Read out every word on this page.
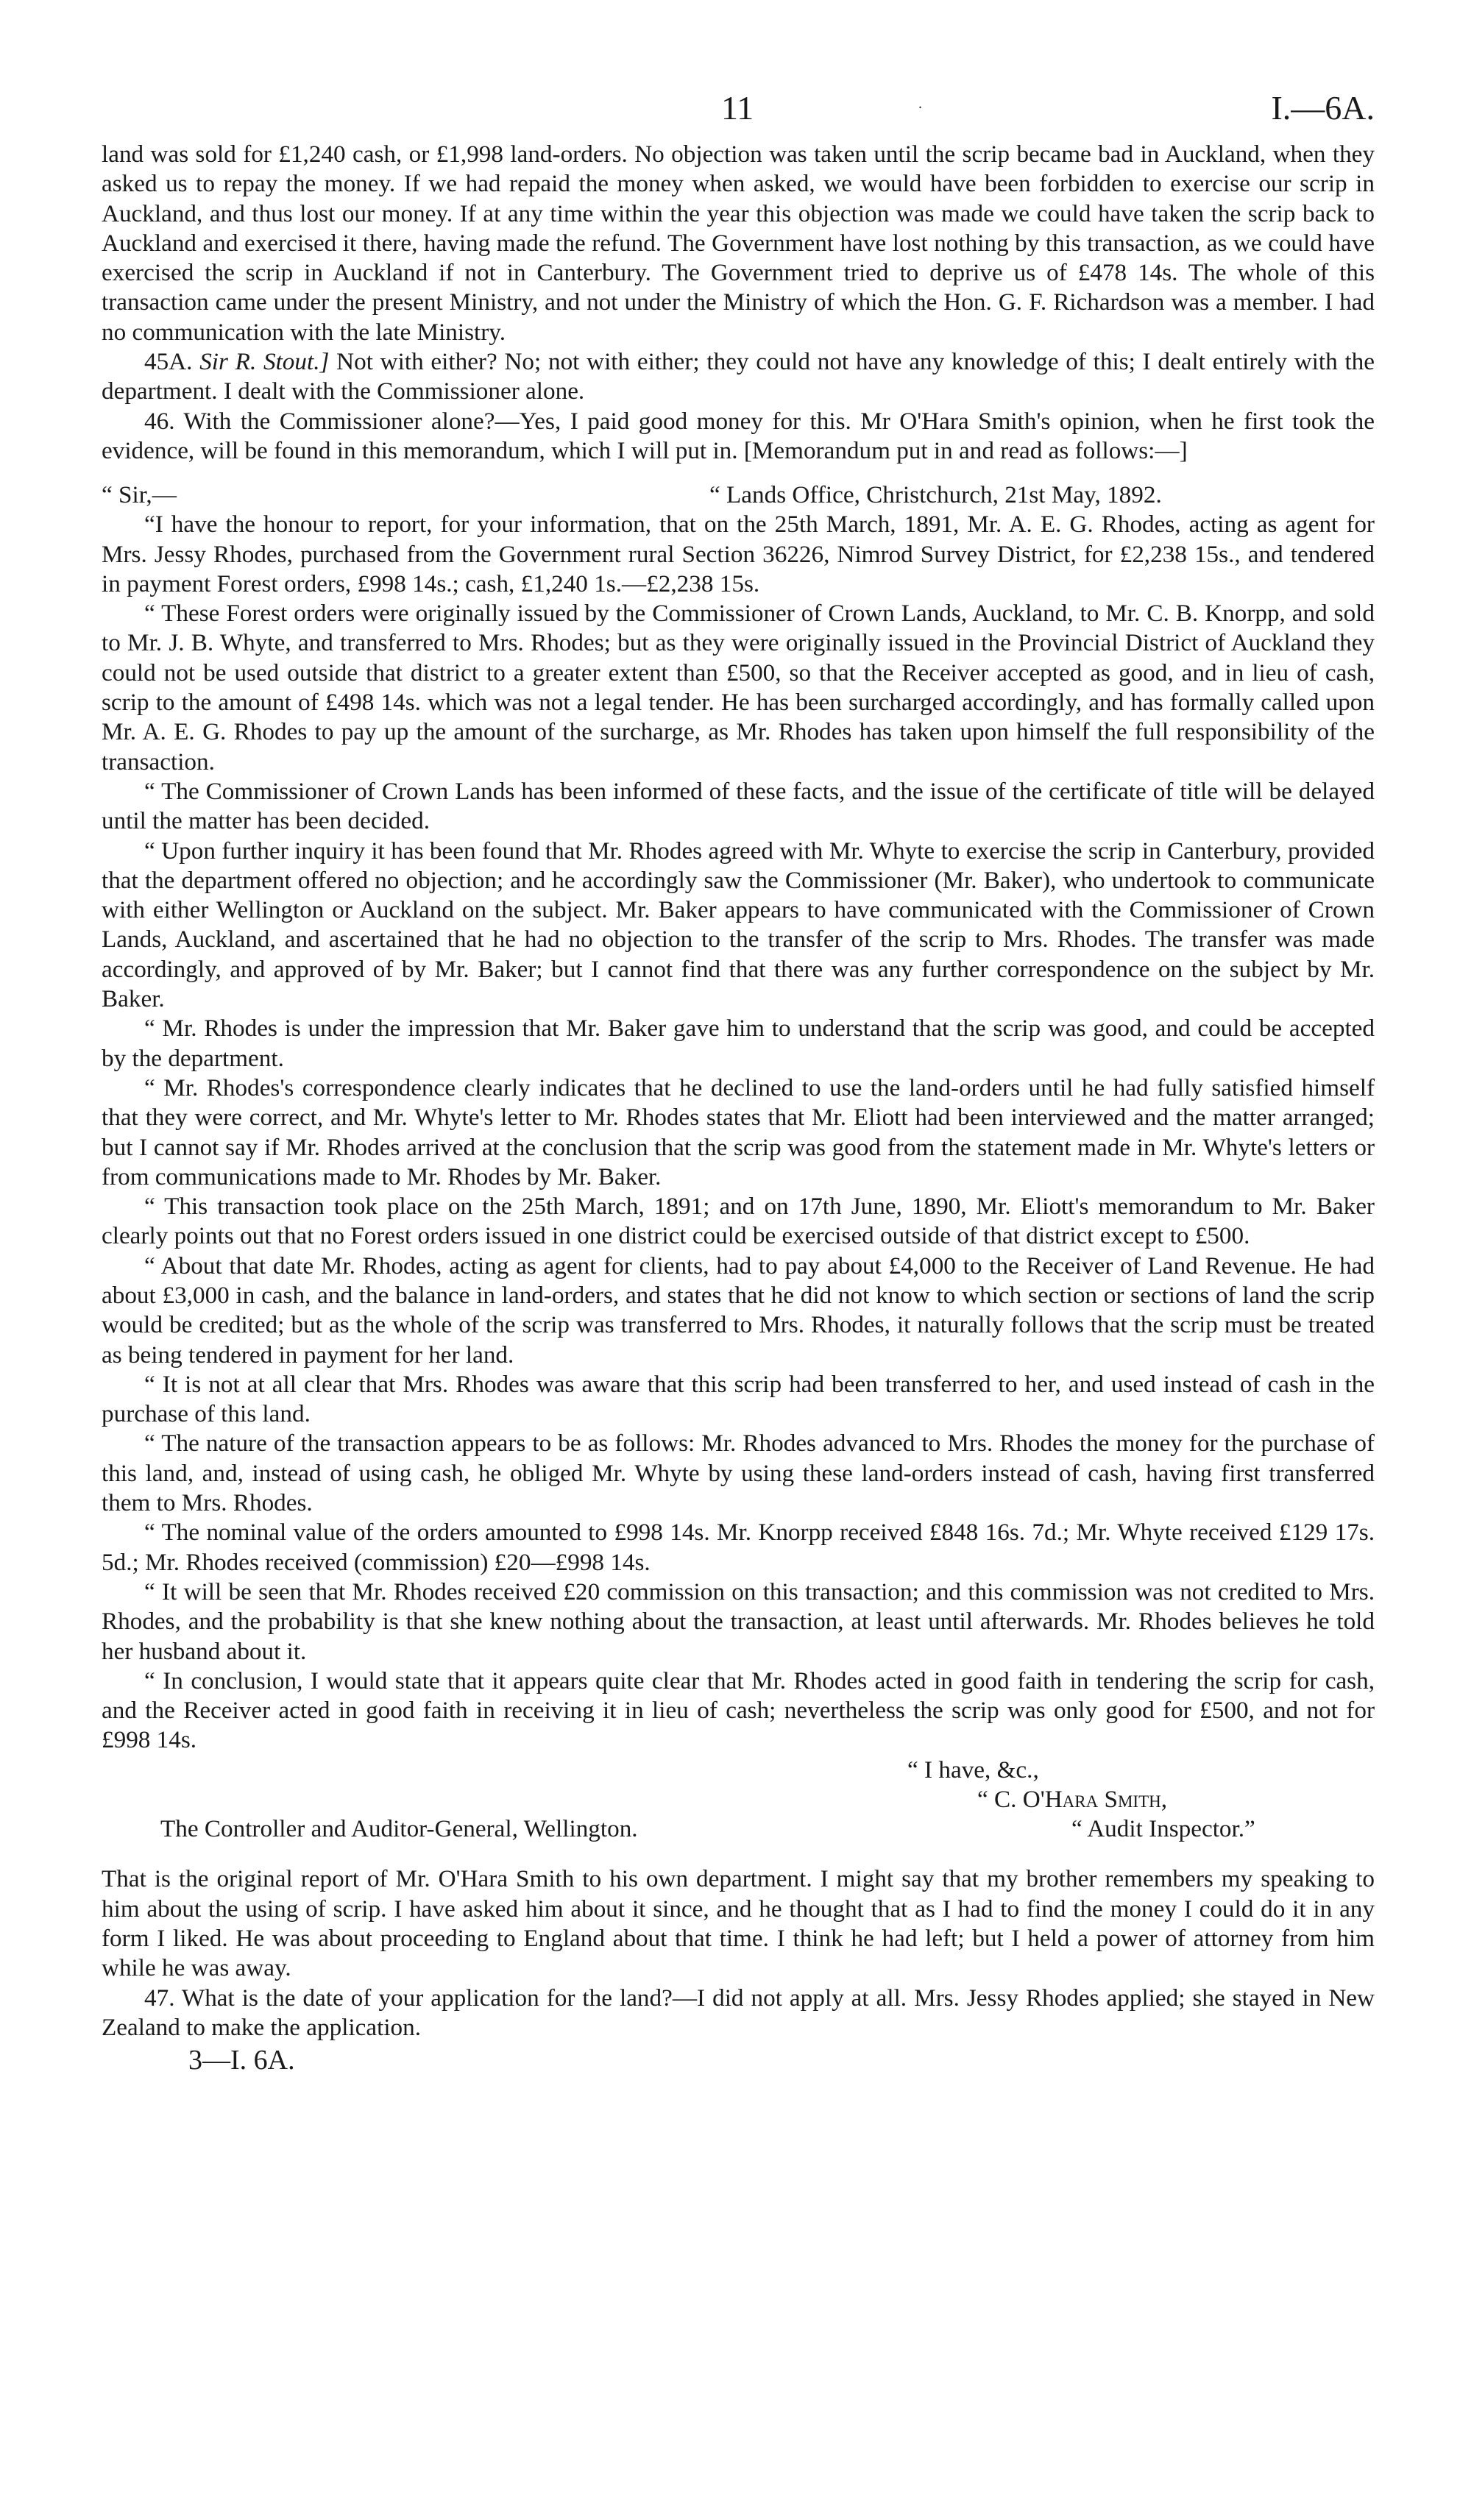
11	.	I.—6A.

land was sold for £1,240 cash, or £1,998 land-orders. No objection was taken until the scrip became bad in Auckland, when they asked us to repay the money. If we had repaid the money when asked, we would have been forbidden to exercise our scrip in Auckland, and thus lost our money. If at any time within the year this objection was made we could have taken the scrip back to Auckland and exercised it there, having made the refund. The Government have lost nothing by this transaction, as we could have exercised the scrip in Auckland if not in Canterbury. The Government tried to deprive us of £478 14s. The whole of this transaction came under the present Ministry, and not under the Ministry of which the Hon. G. F. Richardson was a member. I had no communication with the late Ministry.

45A. Sir R. Stout.] Not with either? No; not with either; they could not have any knowledge of this; I dealt entirely with the department. I dealt with the Commissioner alone.

46. With the Commissioner alone?—Yes, I paid good money for this. Mr O'Hara Smith's opinion, when he first took the evidence, will be found in this memorandum, which I will put in. [Memorandum put in and read as follows:—]

“ Sir,—	“ Lands Office, Christchurch, 21st May, 1892.

“I have the honour to report, for your information, that on the 25th March, 1891, Mr. A. E. G. Rhodes, acting as agent for Mrs. Jessy Rhodes, purchased from the Government rural Section 36226, Nimrod Survey District, for £2,238 15s., and tendered in payment Forest orders, £998 14s.; cash, £1,240 1s.—£2,238 15s.

“ These Forest orders were originally issued by the Commissioner of Crown Lands, Auckland, to Mr. C. B. Knorpp, and sold to Mr. J. B. Whyte, and transferred to Mrs. Rhodes; but as they were originally issued in the Provincial District of Auckland they could not be used outside that district to a greater extent than £500, so that the Receiver accepted as good, and in lieu of cash, scrip to the amount of £498 14s. which was not a legal tender. He has been surcharged accordingly, and has formally called upon Mr. A. E. G. Rhodes to pay up the amount of the surcharge, as Mr. Rhodes has taken upon himself the full responsibility of the transaction.

“ The Commissioner of Crown Lands has been informed of these facts, and the issue of the certificate of title will be delayed until the matter has been decided.

“ Upon further inquiry it has been found that Mr. Rhodes agreed with Mr. Whyte to exercise the scrip in Canterbury, provided that the department offered no objection; and he accordingly saw the Commissioner (Mr. Baker), who undertook to communicate with either Wellington or Auckland on the subject. Mr. Baker appears to have communicated with the Commissioner of Crown Lands, Auckland, and ascertained that he had no objection to the transfer of the scrip to Mrs. Rhodes. The transfer was made accordingly, and approved of by Mr. Baker; but I cannot find that there was any further correspondence on the subject by Mr. Baker.

“ Mr. Rhodes is under the impression that Mr. Baker gave him to understand that the scrip was good, and could be accepted by the department.

“ Mr. Rhodes's correspondence clearly indicates that he declined to use the land-orders until he had fully satisfied himself that they were correct, and Mr. Whyte's letter to Mr. Rhodes states that Mr. Eliott had been interviewed and the matter arranged; but I cannot say if Mr. Rhodes arrived at the conclusion that the scrip was good from the statement made in Mr. Whyte's letters or from communications made to Mr. Rhodes by Mr. Baker.

“ This transaction took place on the 25th March, 1891; and on 17th June, 1890, Mr. Eliott's memorandum to Mr. Baker clearly points out that no Forest orders issued in one district could be exercised outside of that district except to £500.

“ About that date Mr. Rhodes, acting as agent for clients, had to pay about £4,000 to the Receiver of Land Revenue. He had about £3,000 in cash, and the balance in land-orders, and states that he did not know to which section or sections of land the scrip would be credited; but as the whole of the scrip was transferred to Mrs. Rhodes, it naturally follows that the scrip must be treated as being tendered in payment for her land.

“ It is not at all clear that Mrs. Rhodes was aware that this scrip had been transferred to her, and used instead of cash in the purchase of this land.

“ The nature of the transaction appears to be as follows: Mr. Rhodes advanced to Mrs. Rhodes the money for the purchase of this land, and, instead of using cash, he obliged Mr. Whyte by using these land-orders instead of cash, having first transferred them to Mrs. Rhodes.

“ The nominal value of the orders amounted to £998 14s. Mr. Knorpp received £848 16s. 7d.; Mr. Whyte received £129 17s. 5d.; Mr. Rhodes received (commission) £20—£998 14s.

“ It will be seen that Mr. Rhodes received £20 commission on this transaction; and this commission was not credited to Mrs. Rhodes, and the probability is that she knew nothing about the transaction, at least until afterwards. Mr. Rhodes believes he told her husband about it.

“ In conclusion, I would state that it appears quite clear that Mr. Rhodes acted in good faith in tendering the scrip for cash, and the Receiver acted in good faith in receiving it in lieu of cash; nevertheless the scrip was only good for £500, and not for £998 14s.

“ I have, &c.,
“ C. O'Hara Smith,
The Controller and Auditor-General, Wellington.	“ Audit Inspector.”

That is the original report of Mr. O'Hara Smith to his own department. I might say that my brother remembers my speaking to him about the using of scrip. I have asked him about it since, and he thought that as I had to find the money I could do it in any form I liked. He was about proceeding to England about that time. I think he had left; but I held a power of attorney from him while he was away.

47. What is the date of your application for the land?—I did not apply at all. Mrs. Jessy Rhodes applied; she stayed in New Zealand to make the application.

3—I. 6A.
